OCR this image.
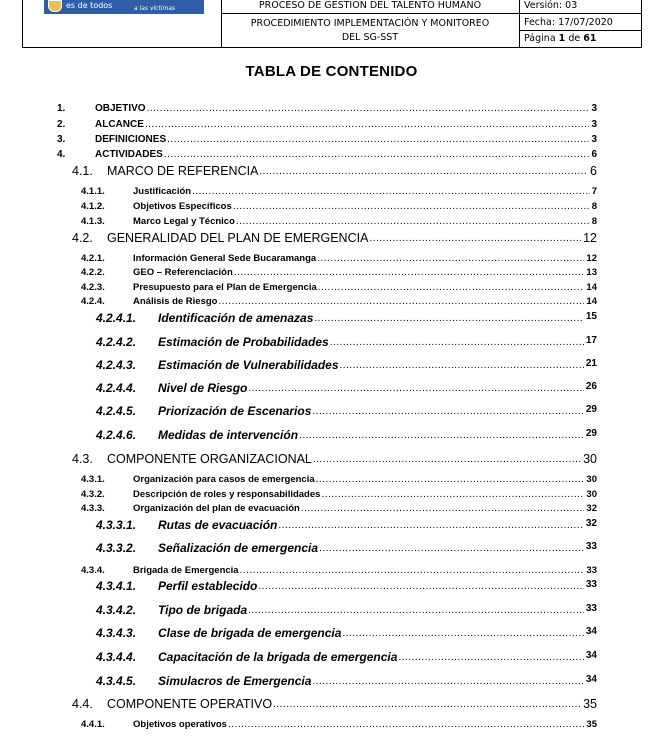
es de todos	a las víctimas	PROCESO DE GESTIÓN DEL TALENTO HUMANO
PROCEDIMIENTO IMPLEMENTACIÓN Y MONITOREO
DEL SG-SST
Versión: 03
Fecha: 17/07/2020
Página 1 de 61
TABLA DE CONTENIDO
1.	OBJETIVO	3
.....
2.	ALCANCE	3
.....
3.	DEFINICIONES	3
.....
4.	ACTIVIDADES	6
.....
4.1. MARCO DE REFERENCIA	6
.....
4.1.1.	Justificación	7
.....
4.1.2.	Objetivos Específicos	8
.....
4.1.3.	Marco Legal y Técnico	8
.....
4.2. GENERALIDAD DEL PLAN DE EMERGENCIA	12
.....
4.2.1.	Información General Sede Bucaramanga	12
.....
4.2.2.	GEO – Referenciación	13
.....
4.2.3.	Presupuesto para el Plan de Emergencia	14
.....
4.2.4.	Análisis de Riesgo	14
.....
4.2.4.1. Identificación de amenazas	15
.....
4.2.4.2. Estimación de Probabilidades	17
.....
4.2.4.3. Estimación de Vulnerabilidades	21
.....
4.2.4.4. Nivel de Riesgo	26
.....
4.2.4.5. Priorización de Escenarios	29
.....
4.2.4.6. Medidas de intervención	29
.....
4.3. COMPONENTE ORGANIZACIONAL	30
.....
4.3.1.	Organización para casos de emergencia	30
.....
4.3.2.	Descripción de roles y responsabilidades	30
.....
4.3.3.	Organización del plan de evacuación	32
.....
4.3.3.1. Rutas de evacuación	32
.....
4.3.3.2. Señalización de emergencia	33
.....
4.3.4.	Brigada de Emergencia	33
.....
4.3.4.1. Perfil establecido	33
.....
4.3.4.2. Tipo de brigada	33
.....
4.3.4.3. Clase de brigada de emergencia	34
.....
4.3.4.4. Capacitación de la brigada de emergencia	34
.....
4.3.4.5. Simulacros de Emergencia	34
.....
4.4. COMPONENTE OPERATIVO	35
.....
4.4.1.	Objetivos operativos	35
.....
